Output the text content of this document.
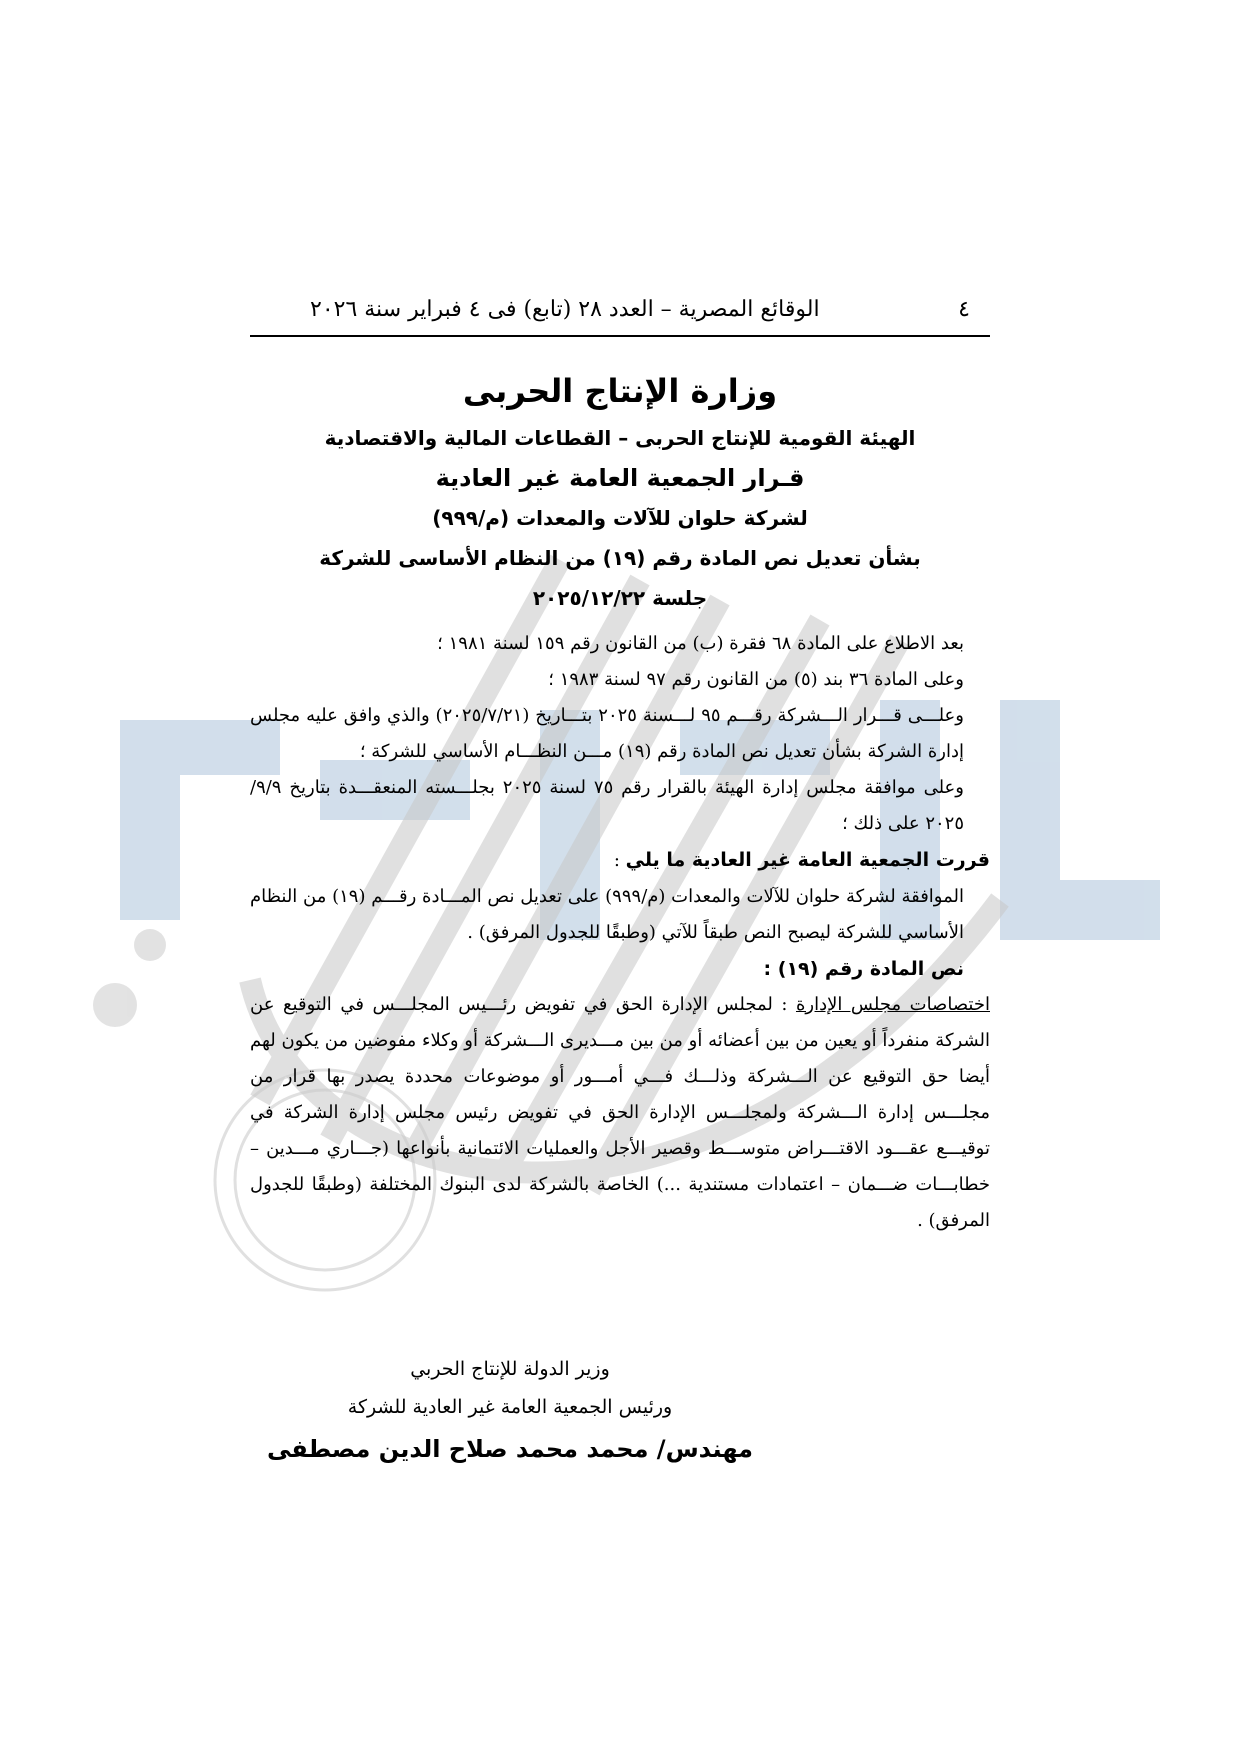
٤
الوقائع المصرية – العدد ٢٨ (تابع) فى ٤ فبراير سنة ٢٠٢٦
وزارة الإنتاج الحربى
الهيئة القومية للإنتاج الحربى – القطاعات المالية والاقتصادية
قـرار الجمعية العامة غير العادية
لشركة حلوان للآلات والمعدات (م/٩٩٩)
بشأن تعديل نص المادة رقم (١٩) من النظام الأساسى للشركة
جلسة ٢٠٢٥/١٢/٢٢

بعد الاطلاع على المادة ٦٨ فقرة (ب) من القانون رقم ١٥٩ لسنة ١٩٨١ ؛

وعلى المادة ٣٦ بند (٥) من القانون رقم ٩٧ لسنة ١٩٨٣ ؛

وعلـــى قـــرار الـــشركة رقـــم ٩٥ لـــسنة ٢٠٢٥ بتـــاريخ (٢٠٢٥/٧/٢١) والذي وافق عليه مجلس إدارة الشركة بشأن تعديل نص المادة رقم (١٩) مـــن النظـــام الأساسي للشركة ؛

وعلى موافقة مجلس إدارة الهيئة بالقرار رقم ٧٥ لسنة ٢٠٢٥ بجلـــسته المنعقـــدة بتاريخ ٩/٩/ ٢٠٢٥ على ذلك ؛

قررت الجمعية العامة غير العادية ما يلي :

الموافقة لشركة حلوان للآلات والمعدات (م/٩٩٩) على تعديل نص المـــادة رقـــم (١٩) من النظام الأساسي للشركة ليصبح النص طبقاً للآتي (وطبقًا للجدول المرفق) .

نص المادة رقم (١٩) :

اختصاصات مجلس الإدارة : لمجلس الإدارة الحق في تفويض رئـــيس المجلـــس في التوقيع عن الشركة منفرداً أو يعين من بين أعضائه أو من بين مـــديرى الـــشركة أو وكلاء مفوضين من يكون لهم أيضا حق التوقيع عن الـــشركة وذلـــك فـــي أمـــور أو موضوعات محددة يصدر بها قرار من مجلـــس إدارة الـــشركة ولمجلـــس الإدارة الحق في تفويض رئيس مجلس إدارة الشركة في توقيـــع عقـــود الاقتـــراض متوســـط وقصير الأجل والعمليات الائتمانية بأنواعها (جـــاري مـــدين – خطابـــات ضـــمان – اعتمادات مستندية ...) الخاصة بالشركة لدى البنوك المختلفة (وطبقًا للجدول المرفق) .

وزير الدولة للإنتاج الحربي
ورئيس الجمعية العامة غير العادية للشركة
مهندس/ محمد محمد صلاح الدين مصطفى
